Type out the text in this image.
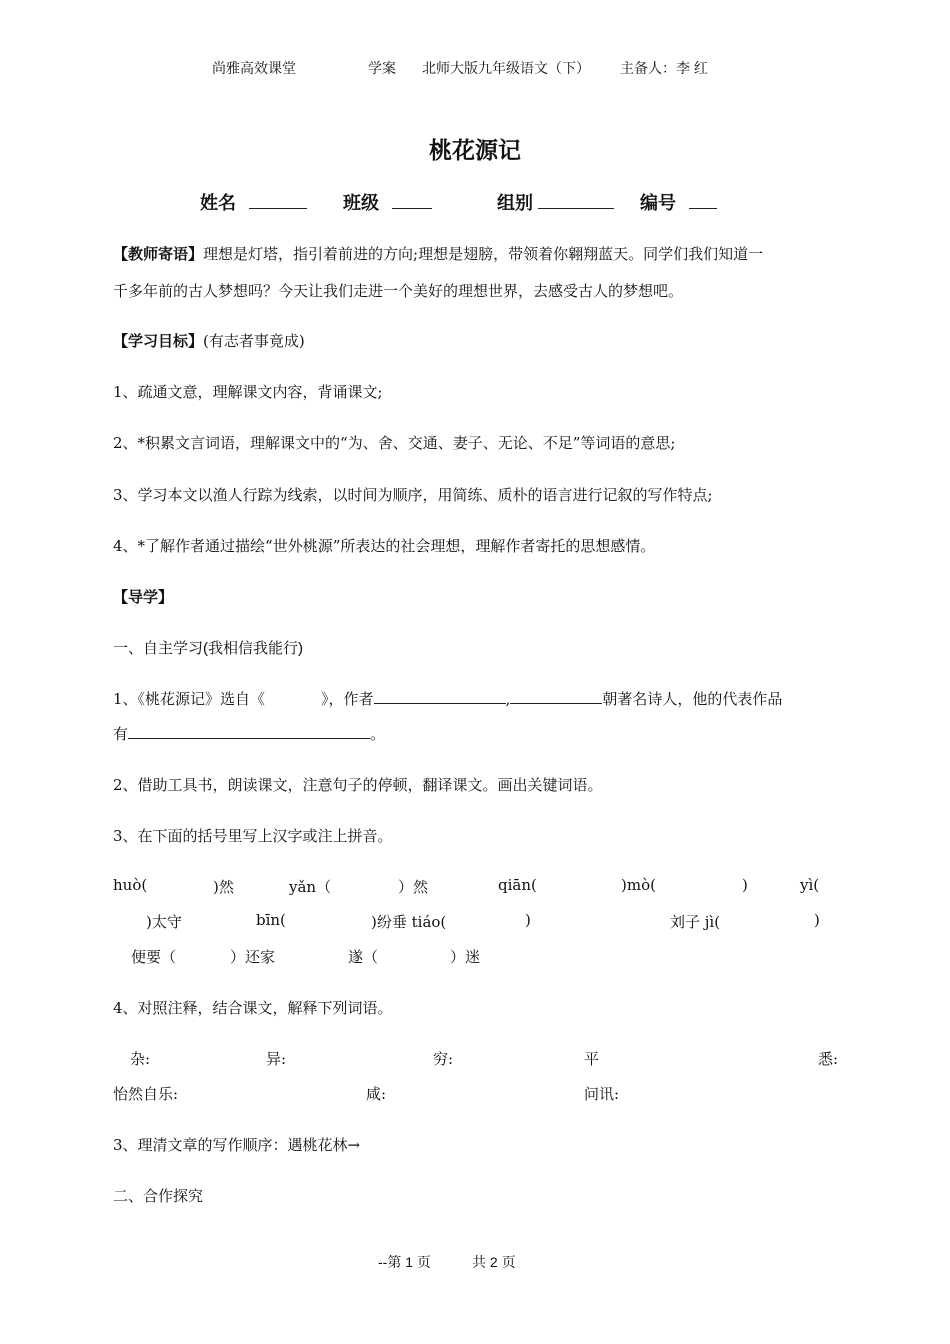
尚雅高效课堂	学案 北师大版九年级语文（下） 主备人：李 红
桃花源记
姓名	班级	组别	编号
【教师寄语】理想是灯塔，指引着前进的方向;理想是翅膀，带领着你翱翔蓝天。同学们我们知道一
千多年前的古人梦想吗？今天让我们走进一个美好的理想世界，去感受古人的梦想吧。
【学习目标】(有志者事竟成)
1、疏通文意，理解课文内容，背诵课文;
2、*积累文言词语，理解课文中的“为、舍、交通、妻子、无论、不足”等词语的意思;
3、学习本文以渔人行踪为线索，以时间为顺序，用简练、质朴的语言进行记叙的写作特点;
4、*了解作者通过描绘“世外桃源”所表达的社会理想，理解作者寄托的思想感情。
【导学】
一、自主学习(我相信我能行)
1、《桃花源记》选自《	》，作者	,	朝著名诗人，他的代表作品
有	。
2、借助工具书，朗读课文，注意句子的停顿，翻译课文。画出关键词语。
3、在下面的括号里写上汉字或注上拼音。
huò(	)然	yǎn（	）然	qiān(	)mò(	)	yì(
)太守	bīn(	)纷垂 tiáo(	)	刘子 jì(	)
便要（	）还家	遂（	）迷
4、对照注释，结合课文，解释下列词语。
杂:	异:	穷:	平	悉:
怡然自乐:	咸:	问讯:
3、理清文章的写作顺序：遇桃花林→
二、合作探究
--第 1 页	共 2 页
